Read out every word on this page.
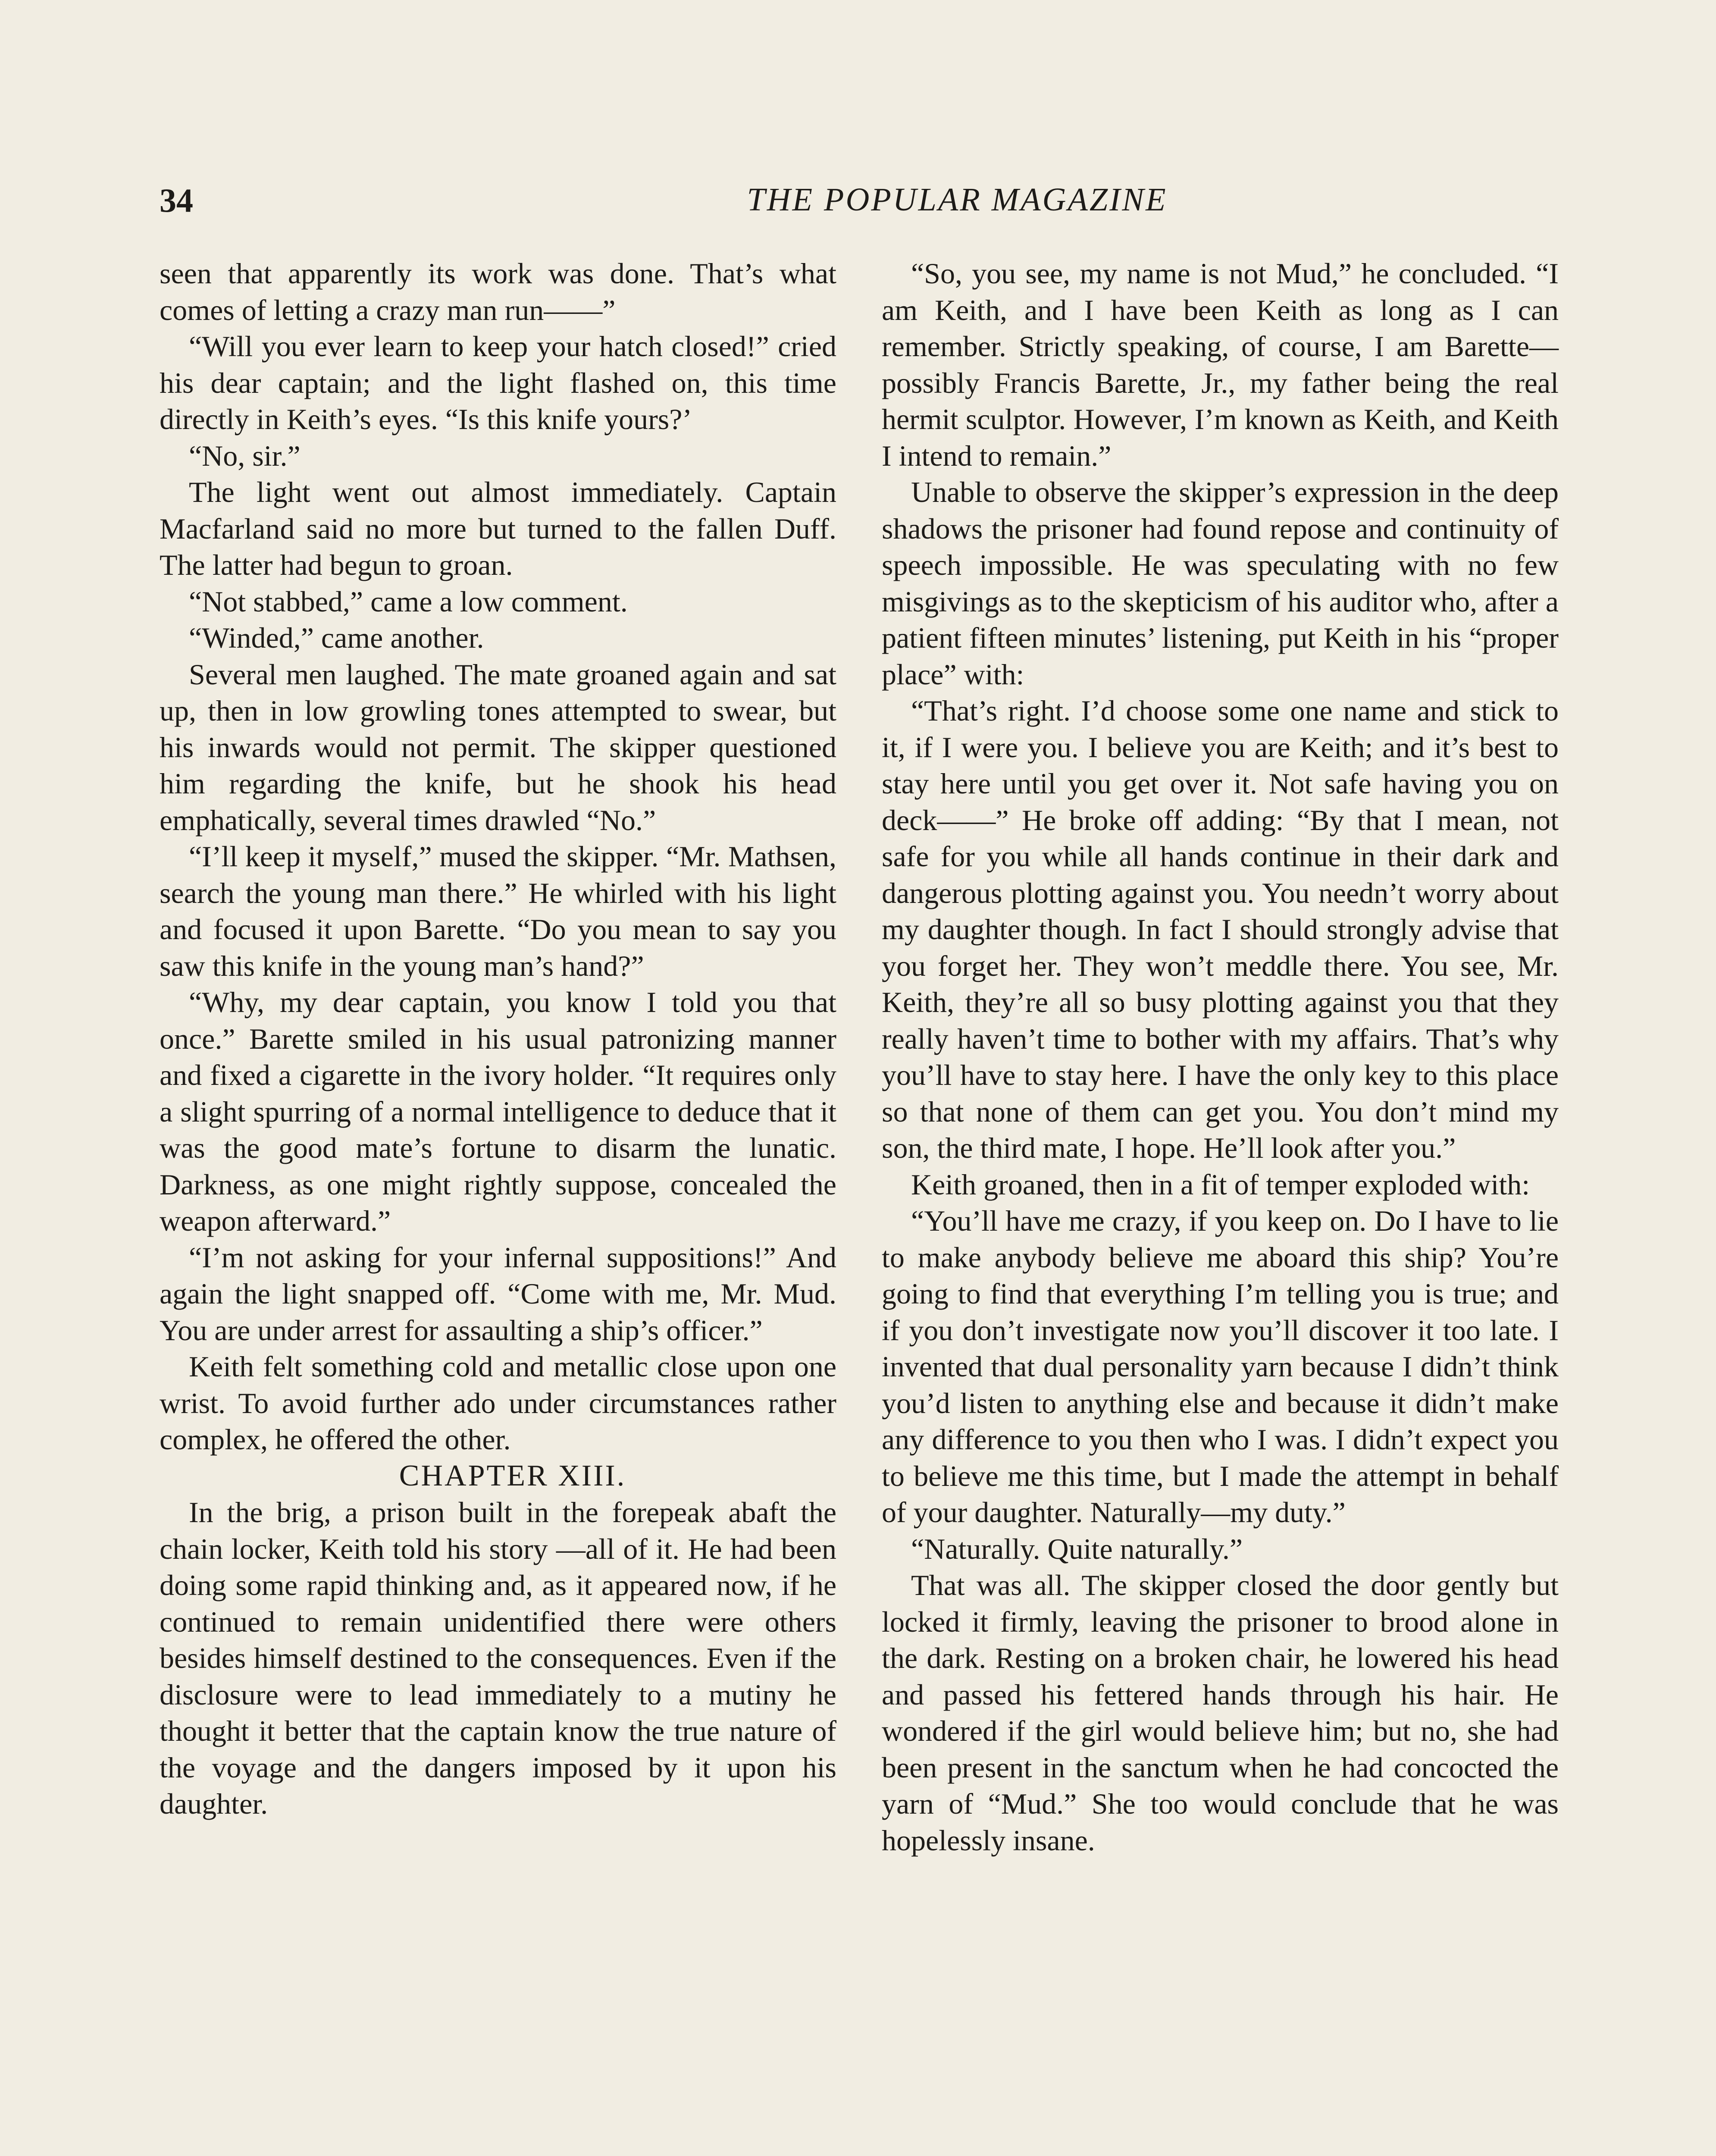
34	THE POPULAR MAGAZINE

seen that apparently its work was done. That’s what comes of letting a crazy man run——”

“Will you ever learn to keep your hatch closed!” cried his dear captain; and the light flashed on, this time directly in Keith’s eyes. “Is this knife yours?’

“No, sir.”

The light went out almost immediately. Captain Macfarland said no more but turned to the fallen Duff. The latter had begun to groan.

“Not stabbed,” came a low comment.

“Winded,” came another.

Several men laughed. The mate groaned again and sat up, then in low growling tones attempted to swear, but his inwards would not permit. The skipper questioned him regarding the knife, but he shook his head emphatically, several times drawled “No.”

“I’ll keep it myself,” mused the skipper. “Mr. Mathsen, search the young man there.” He whirled with his light and focused it upon Barette. “Do you mean to say you saw this knife in the young man’s hand?”

“Why, my dear captain, you know I told you that once.” Barette smiled in his usual patronizing manner and fixed a cigarette in the ivory holder. “It requires only a slight spurring of a normal intelligence to deduce that it was the good mate’s fortune to disarm the lunatic. Darkness, as one might rightly suppose, concealed the weapon afterward.”

“I’m not asking for your infernal suppositions!” And again the light snapped off. “Come with me, Mr. Mud. You are under arrest for assaulting a ship’s officer.”

Keith felt something cold and metallic close upon one wrist. To avoid further ado under circumstances rather complex, he offered the other.

CHAPTER XIII.

In the brig, a prison built in the forepeak abaft the chain locker, Keith told his story —all of it. He had been doing some rapid thinking and, as it appeared now, if he continued to remain unidentified there were others besides himself destined to the consequences. Even if the disclosure were to lead immediately to a mutiny he thought it better that the captain know the true nature of the voyage and the dangers imposed by it upon his daughter.

“So, you see, my name is not Mud,” he concluded. “I am Keith, and I have been Keith as long as I can remember. Strictly speaking, of course, I am Barette—possibly Francis Barette, Jr., my father being the real hermit sculptor. However, I’m known as Keith, and Keith I intend to remain.”

Unable to observe the skipper’s expression in the deep shadows the prisoner had found repose and continuity of speech impossible. He was speculating with no few misgivings as to the skepticism of his auditor who, after a patient fifteen minutes’ listening, put Keith in his “proper place” with:

“That’s right. I’d choose some one name and stick to it, if I were you. I believe you are Keith; and it’s best to stay here until you get over it. Not safe having you on deck——” He broke off adding: “By that I mean, not safe for you while all hands continue in their dark and dangerous plotting against you. You needn’t worry about my daughter though. In fact I should strongly advise that you forget her. They won’t meddle there. You see, Mr. Keith, they’re all so busy plotting against you that they really haven’t time to bother with my affairs. That’s why you’ll have to stay here. I have the only key to this place so that none of them can get you. You don’t mind my son, the third mate, I hope. He’ll look after you.”

Keith groaned, then in a fit of temper exploded with:

“You’ll have me crazy, if you keep on. Do I have to lie to make anybody believe me aboard this ship? You’re going to find that everything I’m telling you is true; and if you don’t investigate now you’ll discover it too late. I invented that dual personality yarn because I didn’t think you’d listen to anything else and because it didn’t make any difference to you then who I was. I didn’t expect you to believe me this time, but I made the attempt in behalf of your daughter. Naturally—my duty.”

“Naturally. Quite naturally.”

That was all. The skipper closed the door gently but locked it firmly, leaving the prisoner to brood alone in the dark. Resting on a broken chair, he lowered his head and passed his fettered hands through his hair. He wondered if the girl would believe him; but no, she had been present in the sanctum when he had concocted the yarn of “Mud.” She too would conclude that he was hopelessly insane.
